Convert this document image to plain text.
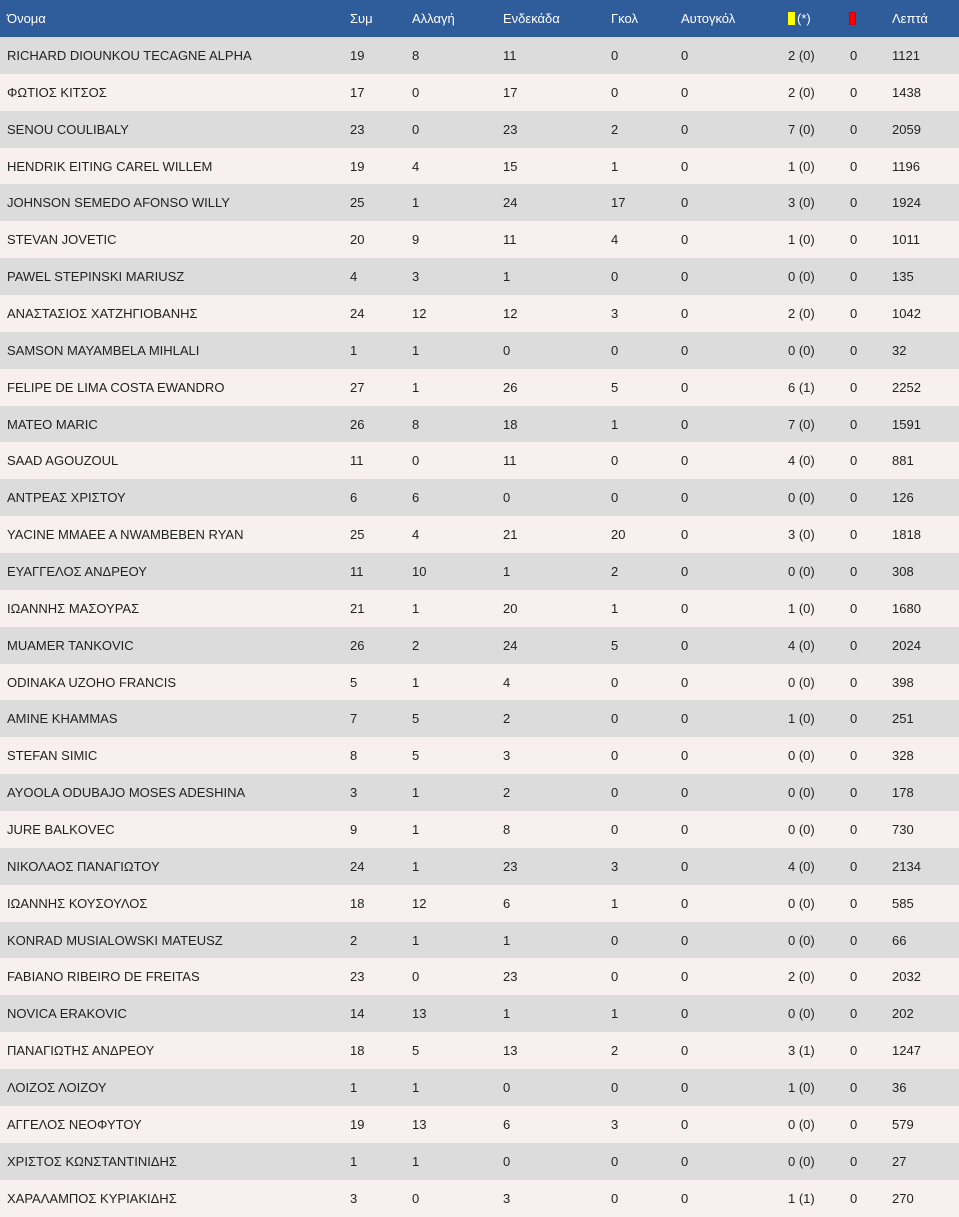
Όνομα	Συμ	Αλλαγή	Ενδεκάδα	Γκολ	Αυτογκόλ	(*)		Λεπτά
RICHARD DIOUNKOU TECAGNE ALPHA	19	8	11	0	0	2 (0)	0	1121
ΦΩΤΙΟΣ ΚΙΤΣΟΣ	17	0	17	0	0	2 (0)	0	1438
SENOU COULIBALY	23	0	23	2	0	7 (0)	0	2059
HENDRIK EITING CAREL WILLEM	19	4	15	1	0	1 (0)	0	1196
JOHNSON SEMEDO AFONSO WILLY	25	1	24	17	0	3 (0)	0	1924
STEVAN JOVETIC	20	9	11	4	0	1 (0)	0	1011
PAWEL STEPINSKI MARIUSZ	4	3	1	0	0	0 (0)	0	135
ΑΝΑΣΤΑΣΙΟΣ ΧΑΤΖΗΓΙΟΒΑΝΗΣ	24	12	12	3	0	2 (0)	0	1042
SAMSON MAYAMBELA MIHLALI	1	1	0	0	0	0 (0)	0	32
FELIPE DE LIMA COSTA EWANDRO	27	1	26	5	0	6 (1)	0	2252
MATEO MARIC	26	8	18	1	0	7 (0)	0	1591
SAAD AGOUZOUL	11	0	11	0	0	4 (0)	0	881
ΑΝΤΡΕΑΣ ΧΡΙΣΤΟΥ	6	6	0	0	0	0 (0)	0	126
YACINE MMAEE A NWAMBEBEN RYAN	25	4	21	20	0	3 (0)	0	1818
ΕΥΑΓΓΕΛΟΣ ΑΝΔΡΕΟΥ	11	10	1	2	0	0 (0)	0	308
ΙΩΑΝΝΗΣ ΜΑΣΟΥΡΑΣ	21	1	20	1	0	1 (0)	0	1680
MUAMER TANKOVIC	26	2	24	5	0	4 (0)	0	2024
ODINAKA UZOHO FRANCIS	5	1	4	0	0	0 (0)	0	398
AMINE KHAMMAS	7	5	2	0	0	1 (0)	0	251
STEFAN SIMIC	8	5	3	0	0	0 (0)	0	328
AYOOLA ODUBAJO MOSES ADESHINA	3	1	2	0	0	0 (0)	0	178
JURE BALKOVEC	9	1	8	0	0	0 (0)	0	730
ΝΙΚΟΛΑΟΣ ΠΑΝΑΓΙΩΤΟΥ	24	1	23	3	0	4 (0)	0	2134
ΙΩΑΝΝΗΣ ΚΟΥΣΟΥΛΟΣ	18	12	6	1	0	0 (0)	0	585
KONRAD MUSIALOWSKI MATEUSZ	2	1	1	0	0	0 (0)	0	66
FABIANO RIBEIRO DE FREITAS	23	0	23	0	0	2 (0)	0	2032
NOVICA ERAKOVIC	14	13	1	1	0	0 (0)	0	202
ΠΑΝΑΓΙΩΤΗΣ ΑΝΔΡΕΟΥ	18	5	13	2	0	3 (1)	0	1247
ΛΟΙΖΟΣ ΛΟΙΖΟΥ	1	1	0	0	0	1 (0)	0	36
ΑΓΓΕΛΟΣ ΝΕΟΦΥΤΟΥ	19	13	6	3	0	0 (0)	0	579
ΧΡΙΣΤΟΣ ΚΩΝΣΤΑΝΤΙΝΙΔΗΣ	1	1	0	0	0	0 (0)	0	27
ΧΑΡΑΛΑΜΠΟΣ ΚΥΡΙΑΚΙΔΗΣ	3	0	3	0	0	1 (1)	0	270
